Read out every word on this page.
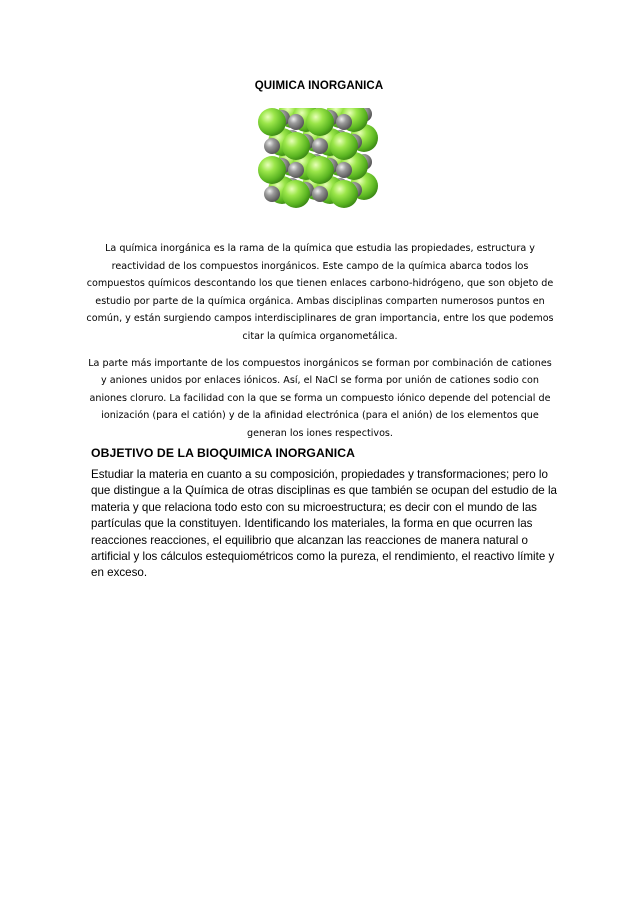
QUIMICA INORGANICA

La química inorgánica es la rama de la química que estudia las propiedades, estructura y reactividad de los compuestos inorgánicos. Este campo de la química abarca todos los compuestos químicos descontando los que tienen enlaces carbono-hidrógeno, que son objeto de estudio por parte de la química orgánica. Ambas disciplinas comparten numerosos puntos en común, y están surgiendo campos interdisciplinares de gran importancia, entre los que podemos citar la química organometálica.

La parte más importante de los compuestos inorgánicos se forman por combinación de cationes y aniones unidos por enlaces iónicos. Así, el NaCl se forma por unión de cationes sodio con aniones cloruro. La facilidad con la que se forma un compuesto iónico depende del potencial de ionización (para el catión) y de la afinidad electrónica (para el anión) de los elementos que generan los iones respectivos.

OBJETIVO DE LA BIOQUIMICA INORGANICA

Estudiar la materia en cuanto a su composición, propiedades y transformaciones; pero lo que distingue a la Química de otras disciplinas es que también se ocupan del estudio de la materia y que relaciona todo esto con su microestructura; es decir con el mundo de las partículas que la constituyen. Identificando los materiales, la forma en que ocurren las reacciones reacciones, el equilibrio que alcanzan las reacciones de manera natural o artificial y los cálculos estequiométricos como la pureza, el rendimiento, el reactivo límite y en exceso.
